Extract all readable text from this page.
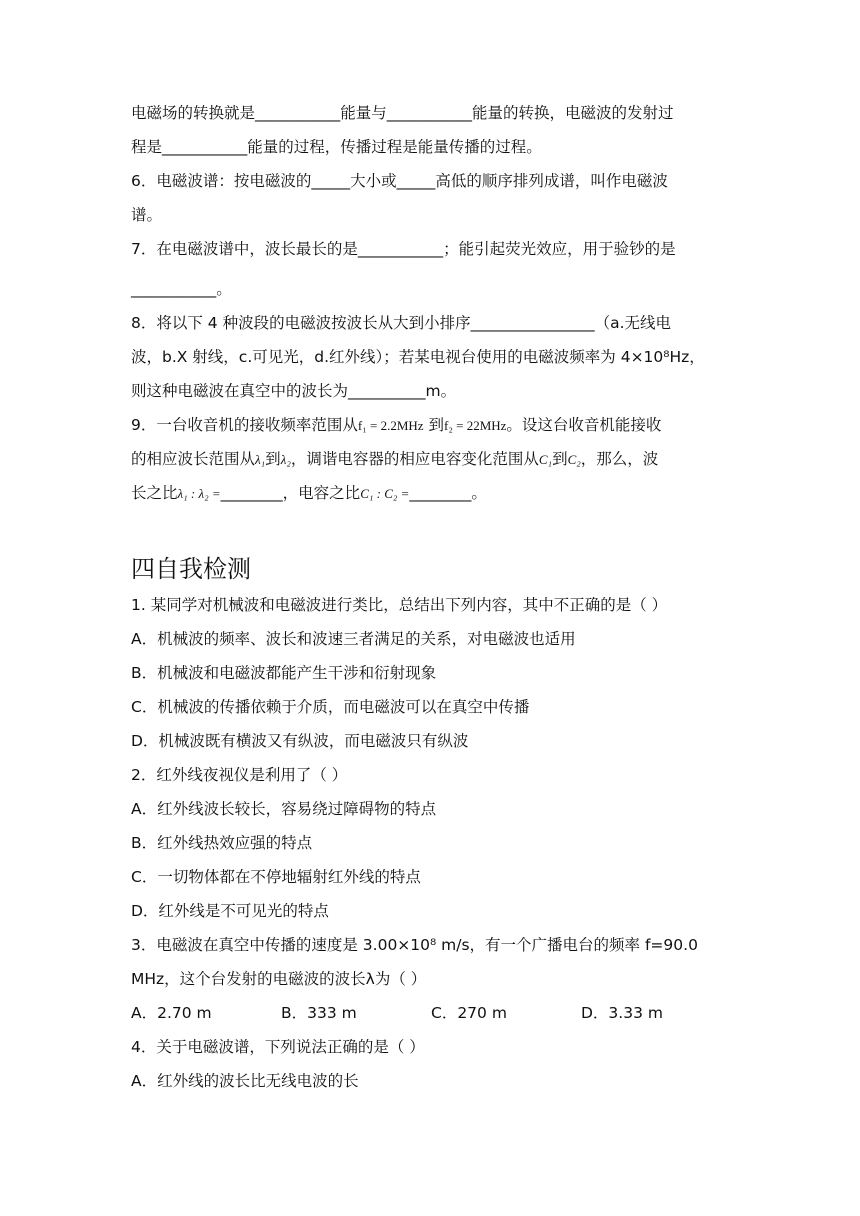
电磁场的转换就是___________能量与___________能量的转换，电磁波的发射过
程是___________能量的过程，传播过程是能量传播的过程。
6．电磁波谱：按电磁波的_____大小或_____高低的顺序排列成谱，叫作电磁波
谱。
7．在电磁波谱中，波长最长的是___________；能引起荧光效应，用于验钞的是
___________。
8．将以下 4 种波段的电磁波按波长从大到小排序________________（a.无线电
波，b.X 射线，c.可见光，d.红外线）；若某电视台使用的电磁波频率为 4×10⁸Hz，
则这种电磁波在真空中的波长为__________m。
9．一台收音机的接收频率范围从f₁ = 2.2MHz 到f₂ = 22MHz。设这台收音机能接收
的相应波长范围从λ₁到λ₂，调谐电容器的相应电容变化范围从C₁到C₂，那么，波
长之比λ₁ : λ₂ =________，电容之比C₁ : C₂ =________。
四自我检测
1. 某同学对机械波和电磁波进行类比，总结出下列内容，其中不正确的是（ ）
A．机械波的频率、波长和波速三者满足的关系，对电磁波也适用
B．机械波和电磁波都能产生干涉和衍射现象
C．机械波的传播依赖于介质，而电磁波可以在真空中传播
D．机械波既有横波又有纵波，而电磁波只有纵波
2．红外线夜视仪是利用了（ ）
A．红外线波长较长，容易绕过障碍物的特点
B．红外线热效应强的特点
C．一切物体都在不停地辐射红外线的特点
D．红外线是不可见光的特点
3．电磁波在真空中传播的速度是 3.00×10⁸ m/s，有一个广播电台的频率 f=90.0
MHz，这个台发射的电磁波的波长λ为（ ）
A．2.70 m	B．333 m	C．270 m	D．3.33 m
4．关于电磁波谱，下列说法正确的是（ ）
A．红外线的波长比无线电波的长
